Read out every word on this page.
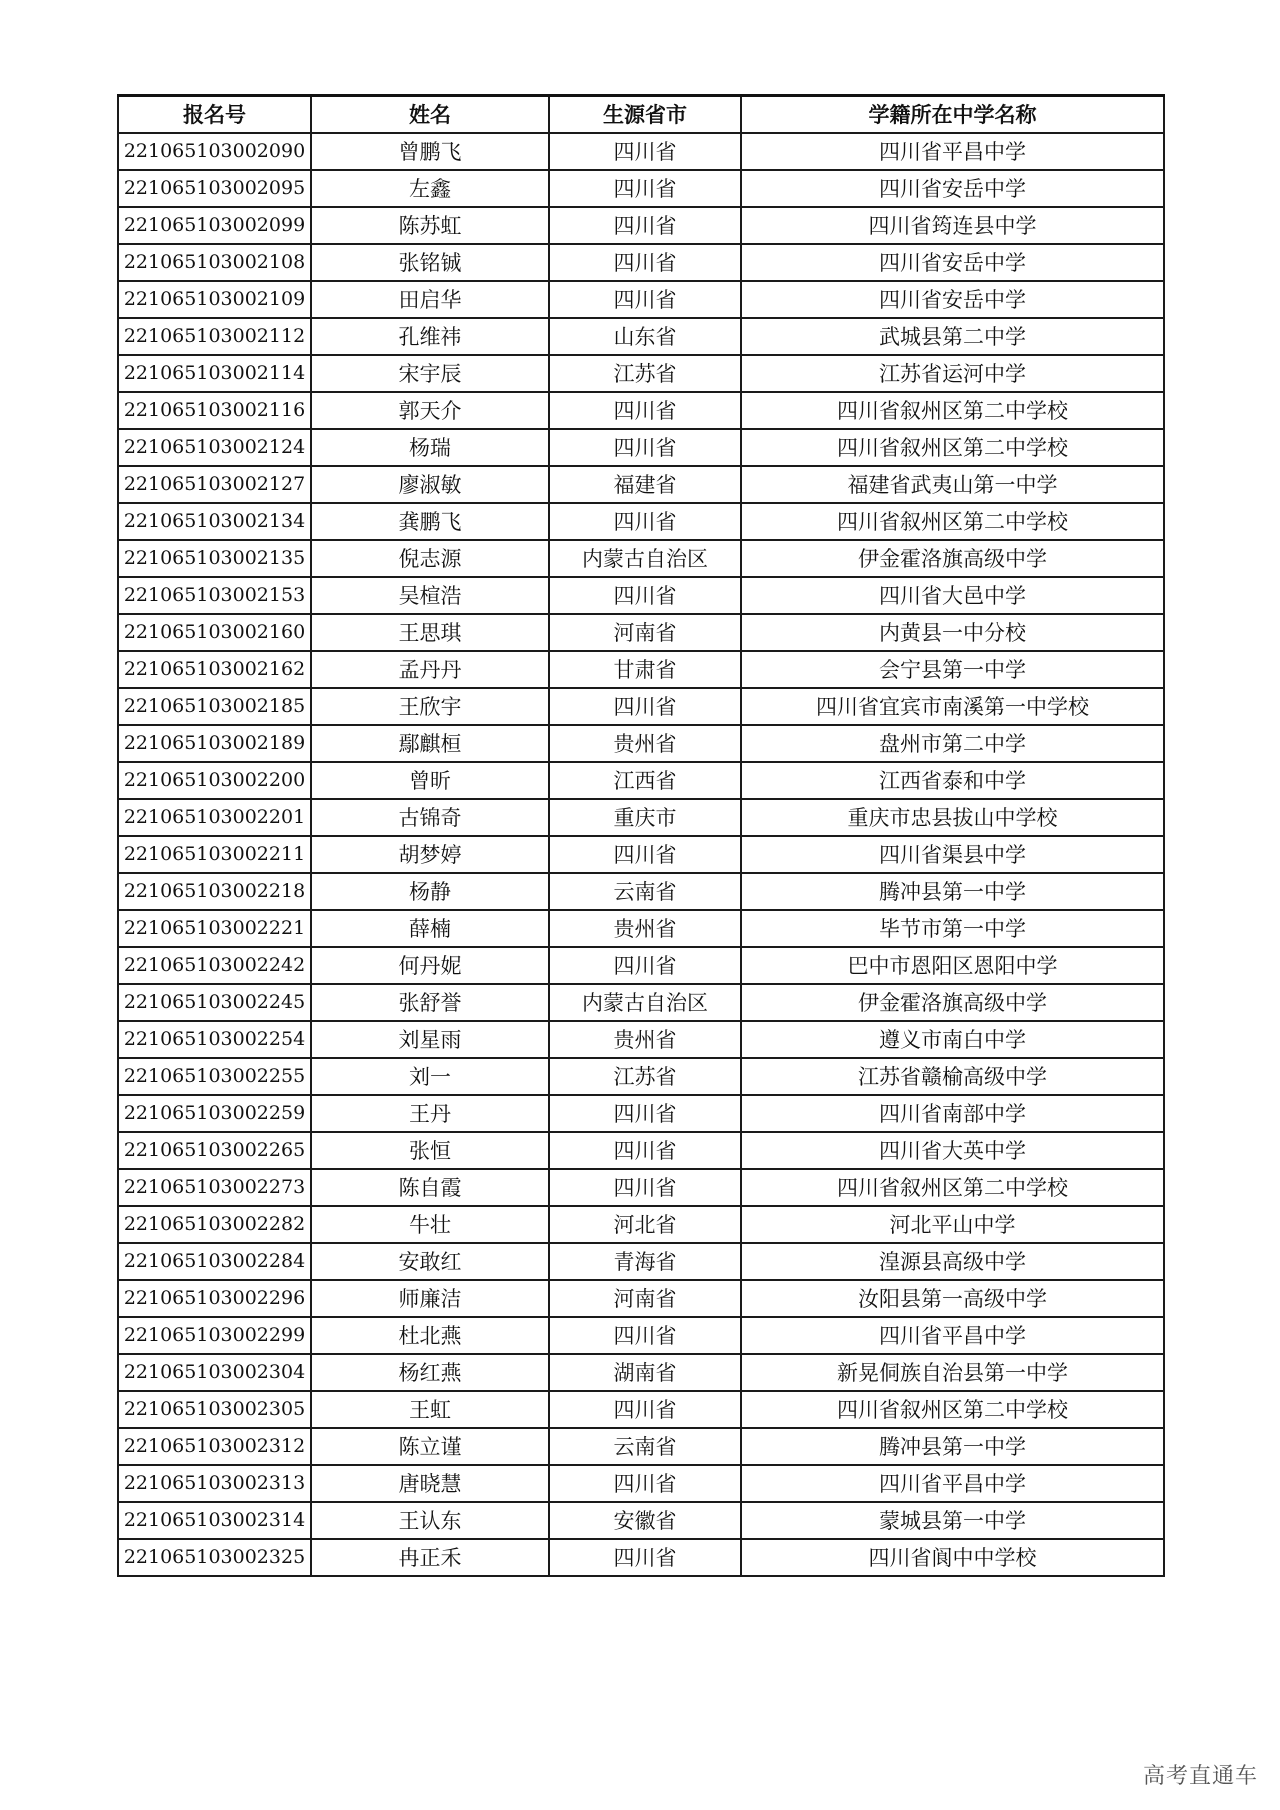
报名号	姓名	生源省市	学籍所在中学名称
221065103002090	曾鹏飞	四川省	四川省平昌中学
221065103002095	左鑫	四川省	四川省安岳中学
221065103002099	陈苏虹	四川省	四川省筠连县中学
221065103002108	张铭铖	四川省	四川省安岳中学
221065103002109	田启华	四川省	四川省安岳中学
221065103002112	孔维祎	山东省	武城县第二中学
221065103002114	宋宇辰	江苏省	江苏省运河中学
221065103002116	郭天介	四川省	四川省叙州区第二中学校
221065103002124	杨瑞	四川省	四川省叙州区第二中学校
221065103002127	廖淑敏	福建省	福建省武夷山第一中学
221065103002134	龚鹏飞	四川省	四川省叙州区第二中学校
221065103002135	倪志源	内蒙古自治区	伊金霍洛旗高级中学
221065103002153	吴楦浩	四川省	四川省大邑中学
221065103002160	王思琪	河南省	内黄县一中分校
221065103002162	孟丹丹	甘肃省	会宁县第一中学
221065103002185	王欣宇	四川省	四川省宜宾市南溪第一中学校
221065103002189	鄢麒桓	贵州省	盘州市第二中学
221065103002200	曾昕	江西省	江西省泰和中学
221065103002201	古锦奇	重庆市	重庆市忠县拔山中学校
221065103002211	胡梦婷	四川省	四川省渠县中学
221065103002218	杨静	云南省	腾冲县第一中学
221065103002221	薛楠	贵州省	毕节市第一中学
221065103002242	何丹妮	四川省	巴中市恩阳区恩阳中学
221065103002245	张舒誉	内蒙古自治区	伊金霍洛旗高级中学
221065103002254	刘星雨	贵州省	遵义市南白中学
221065103002255	刘一	江苏省	江苏省赣榆高级中学
221065103002259	王丹	四川省	四川省南部中学
221065103002265	张恒	四川省	四川省大英中学
221065103002273	陈自霞	四川省	四川省叙州区第二中学校
221065103002282	牛壮	河北省	河北平山中学
221065103002284	安敢红	青海省	湟源县高级中学
221065103002296	师廉洁	河南省	汝阳县第一高级中学
221065103002299	杜北燕	四川省	四川省平昌中学
221065103002304	杨红燕	湖南省	新晃侗族自治县第一中学
221065103002305	王虹	四川省	四川省叙州区第二中学校
221065103002312	陈立谨	云南省	腾冲县第一中学
221065103002313	唐晓慧	四川省	四川省平昌中学
221065103002314	王认东	安徽省	蒙城县第一中学
221065103002325	冉正禾	四川省	四川省阆中中学校
高考直通车
